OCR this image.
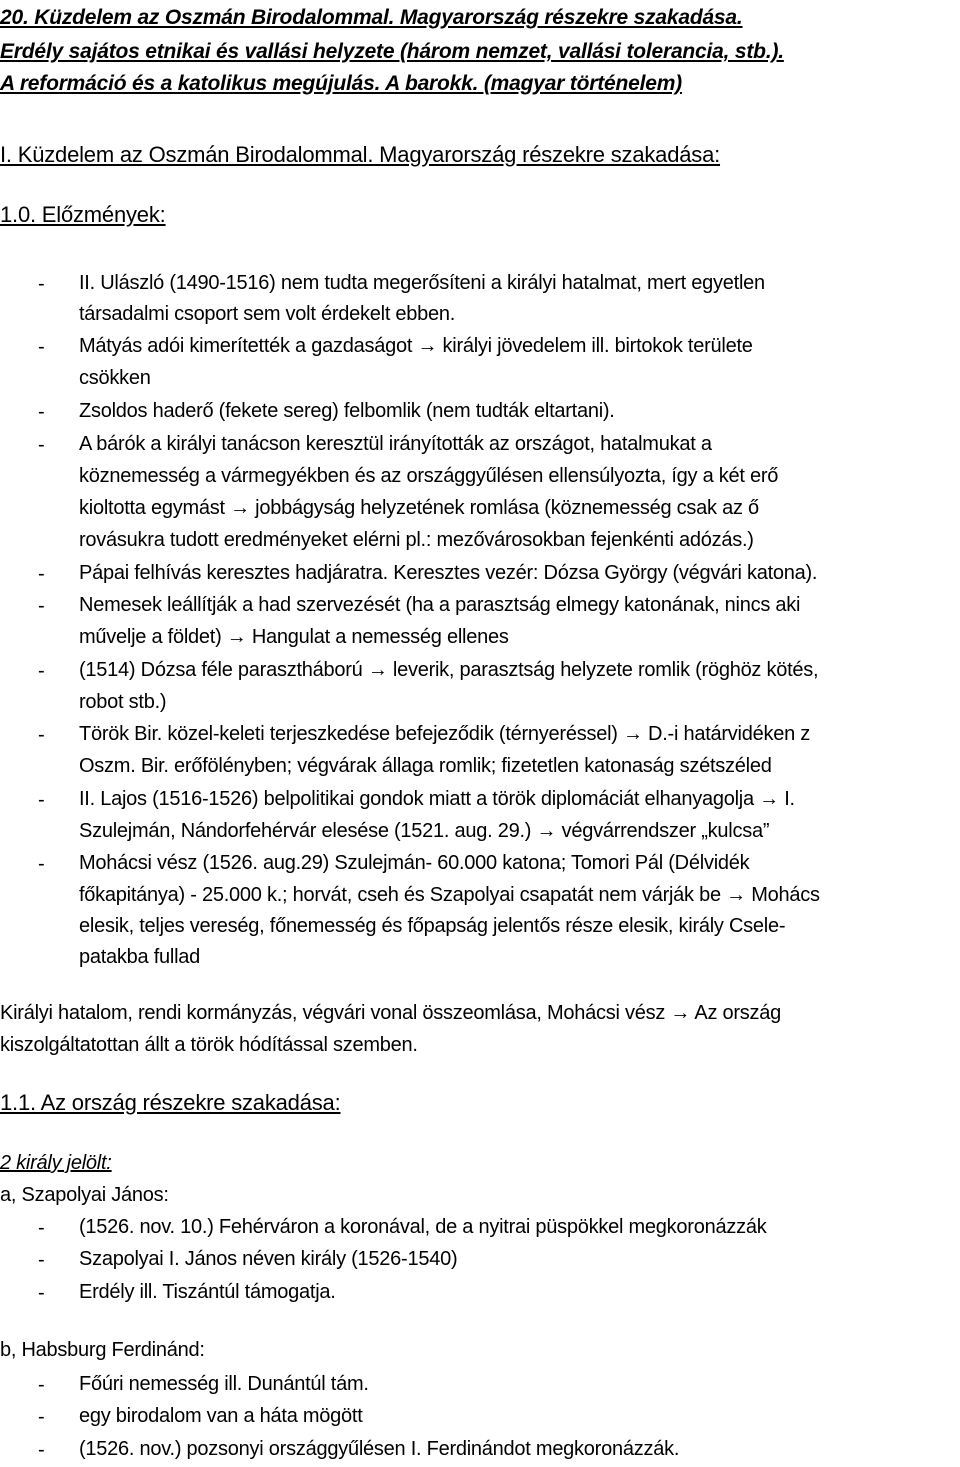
20. Küzdelem az Oszmán Birodalommal. Magyarország részekre szakadása.
Erdély sajátos etnikai és vallási helyzete (három nemzet, vallási tolerancia, stb.).
A reformáció és a katolikus megújulás. A barokk. (magyar történelem)
I. Küzdelem az Oszmán Birodalommal. Magyarország részekre szakadása:
1.0. Előzmények:
- II. Ulászló (1490-1516) nem tudta megerősíteni a királyi hatalmat, mert egyetlen
társadalmi csoport sem volt érdekelt ebben.
- Mátyás adói kimerítették a gazdaságot → királyi jövedelem ill. birtokok területe
csökken
- Zsoldos haderő (fekete sereg) felbomlik (nem tudták eltartani).
- A bárók a királyi tanácson keresztül irányították az országot, hatalmukat a
köznemesség a vármegyékben és az országgyűlésen ellensúlyozta, így a két erő
kioltotta egymást → jobbágyság helyzetének romlása (köznemesség csak az ő
rovásukra tudott eredményeket elérni pl.: mezővárosokban fejenkénti adózás.)
- Pápai felhívás keresztes hadjáratra. Keresztes vezér: Dózsa György (végvári katona).
- Nemesek leállítják a had szervezését (ha a parasztság elmegy katonának, nincs aki
művelje a földet) → Hangulat a nemesség ellenes
- (1514) Dózsa féle parasztháború → leverik, parasztság helyzete romlik (röghöz kötés,
robot stb.)
- Török Bir. közel-keleti terjeszkedése befejeződik (térnyeréssel) → D.-i határvidéken z
Oszm. Bir. erőfölényben; végvárak állaga romlik; fizetetlen katonaság szétszéled
- II. Lajos (1516-1526) belpolitikai gondok miatt a török diplomáciát elhanyagolja → I.
Szulejmán, Nándorfehérvár elesése (1521. aug. 29.) → végvárrendszer „kulcsa”
- Mohácsi vész (1526. aug.29) Szulejmán- 60.000 katona; Tomori Pál (Délvidék
főkapitánya) - 25.000 k.; horvát, cseh és Szapolyai csapatát nem várják be → Mohács
elesik, teljes vereség, főnemesség és főpapság jelentős része elesik, király Csele-
patakba fullad
Királyi hatalom, rendi kormányzás, végvári vonal összeomlása, Mohácsi vész → Az ország
kiszolgáltatottan állt a török hódítással szemben.
1.1. Az ország részekre szakadása:
2 király jelölt:
a, Szapolyai János:
- (1526. nov. 10.) Fehérváron a koronával, de a nyitrai püspökkel megkoronázzák
- Szapolyai I. János néven király (1526-1540)
- Erdély ill. Tiszántúl támogatja.
b, Habsburg Ferdinánd:
- Főúri nemesség ill. Dunántúl tám.
- egy birodalom van a háta mögött
- (1526. nov.) pozsonyi országgyűlésen I. Ferdinándot megkoronázzák.
